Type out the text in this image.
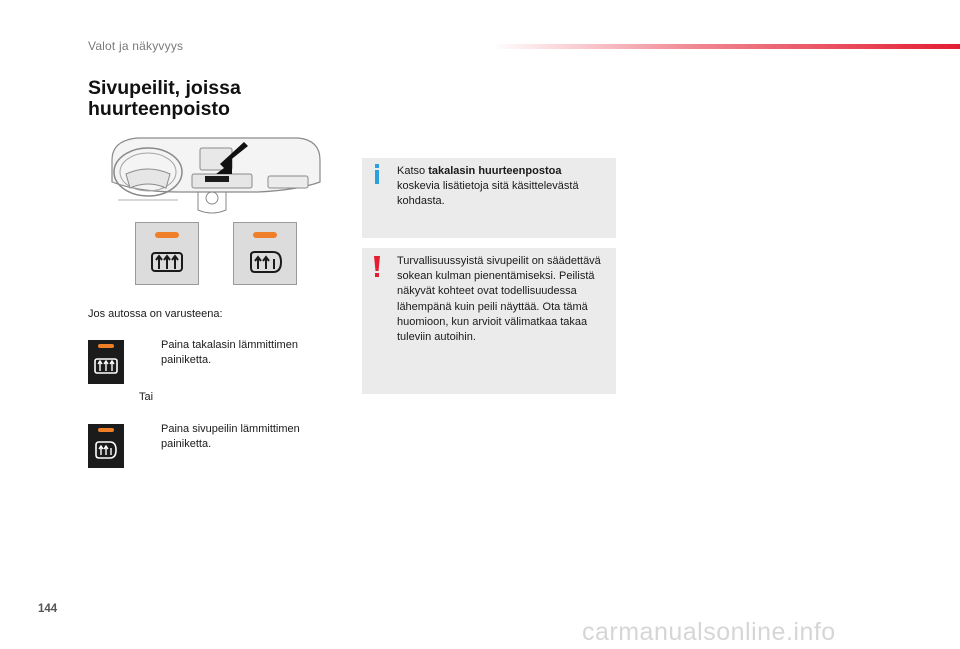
Valot ja näkyvyys
Sivupeilit, joissa
huurteenpoisto
Jos autossa on varusteena:
Paina takalasin lämmittimen painiketta.
Tai
Paina sivupeilin lämmittimen painiketta.
Katso takalasin huurteenpostoa koskevia lisätietoja sitä käsittelevästä kohdasta.
Turvallisuussyistä sivupeilit on säädettävä sokean kulman pienentämiseksi. Peilistä näkyvät kohteet ovat todellisuudessa lähempänä kuin peili näyttää. Ota tämä huomioon, kun arvioit välimatkaa takaa tuleviin autoihin.
144
carmanualsonline.info
